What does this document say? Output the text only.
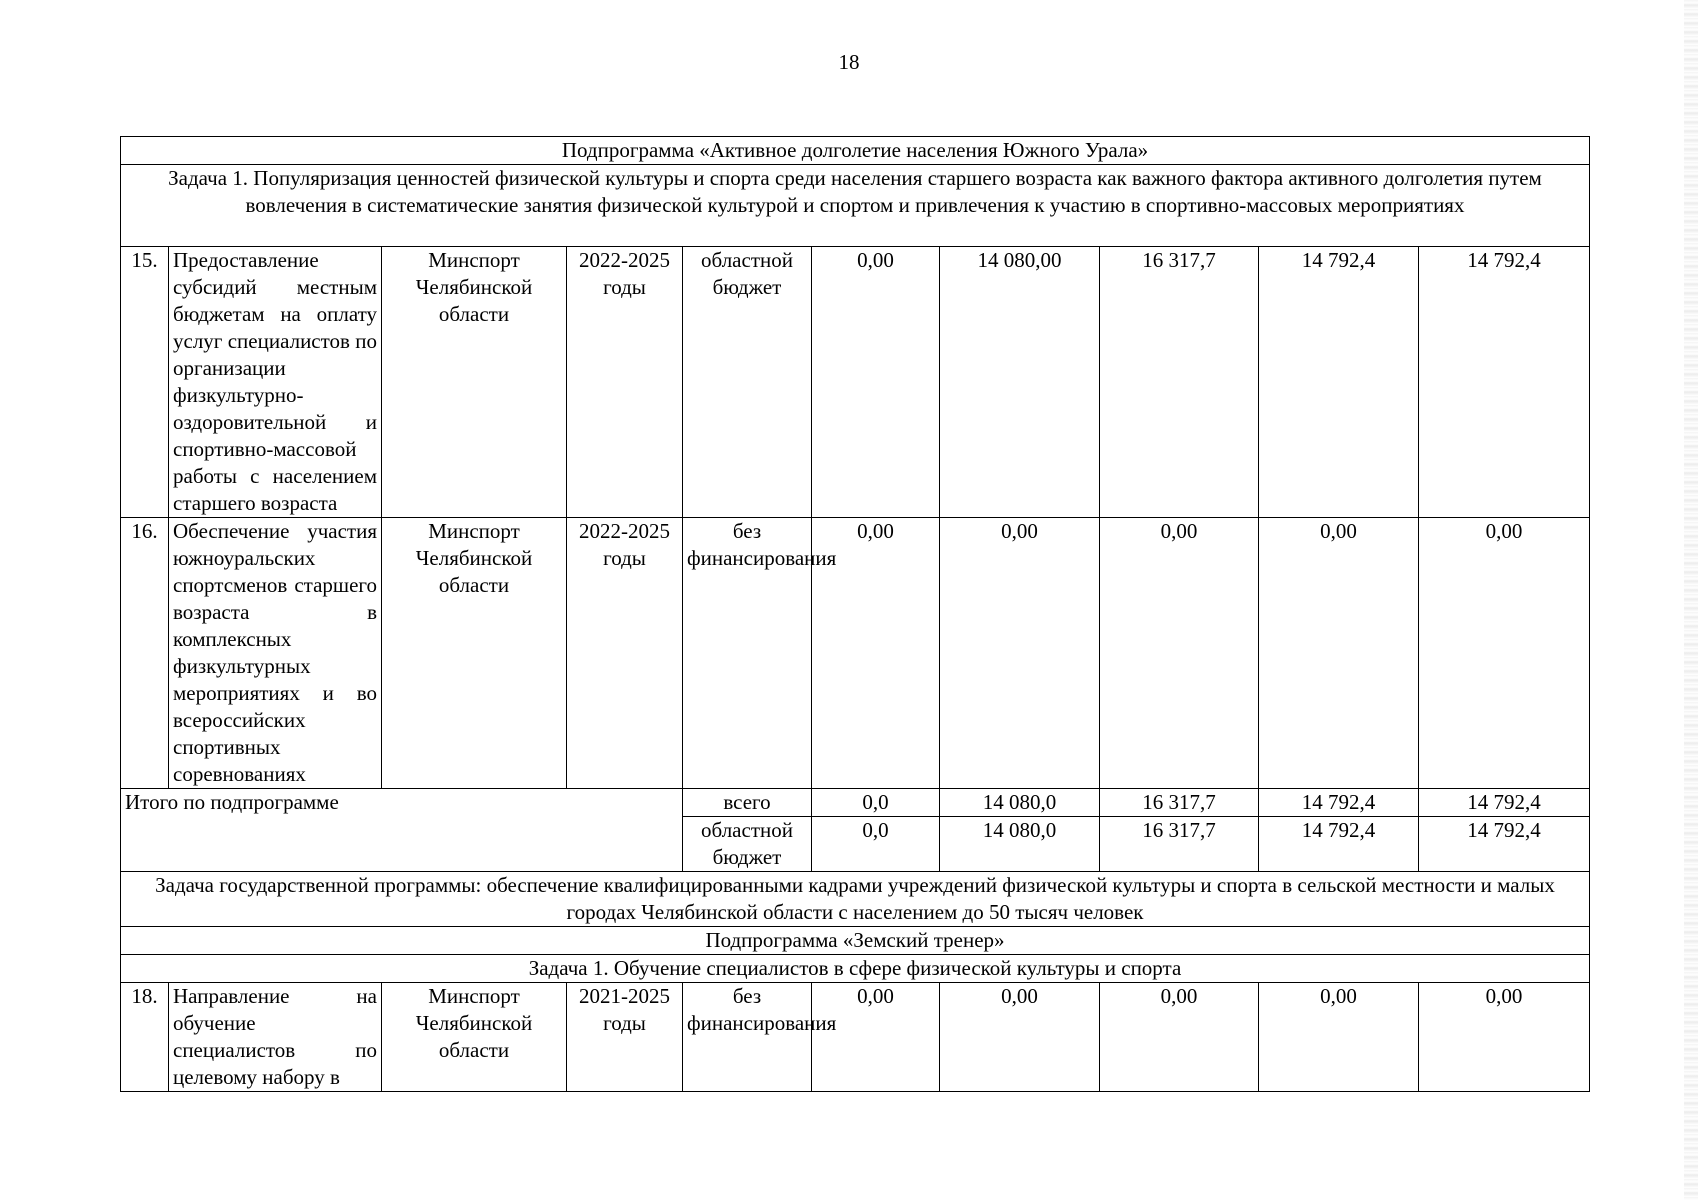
18
Подпрограмма «Активное долголетие населения Южного Урала»									
Задача 1. Популяризация ценностей физической культуры и спорта среди населения старшего возраста как важного фактора активного долголетия путем вовлечения в систематические занятия физической культурой и спортом и привлечения к участию в спортивно-массовых мероприятиях									
15.	Предоставление субсидий местным бюджетам на оплату услуг специалистов по организации физкультурно-оздоровительной и спортивно-массовой работы с населением старшего возраста	Минспорт Челябинской области	2022-2025 годы	областной бюджет	0,00	14 080,00	16 317,7	14 792,4	14 792,4
16.	Обеспечение участия южноуральских спортсменов старшего возраста в комплексных физкультурных мероприятиях и во всероссийских спортивных соревнованиях	Минспорт Челябинской области	2022-2025 годы	без финансирования	0,00	0,00	0,00	0,00	0,00
Итого по подпрограмме				всего	0,0	14 080,0	16 317,7	14 792,4	14 792,4
				областной бюджет	0,0	14 080,0	16 317,7	14 792,4	14 792,4
Задача государственной программы: обеспечение квалифицированными кадрами учреждений физической культуры и спорта в сельской местности и малых городах Челябинской области с населением до 50 тысяч человек									
Подпрограмма «Земский тренер»									
Задача 1. Обучение специалистов в сфере физической культуры и спорта									
18.	Направление на обучение специалистов по целевому набору в	Минспорт Челябинской области	2021-2025 годы	без финансирования	0,00	0,00	0,00	0,00	0,00
